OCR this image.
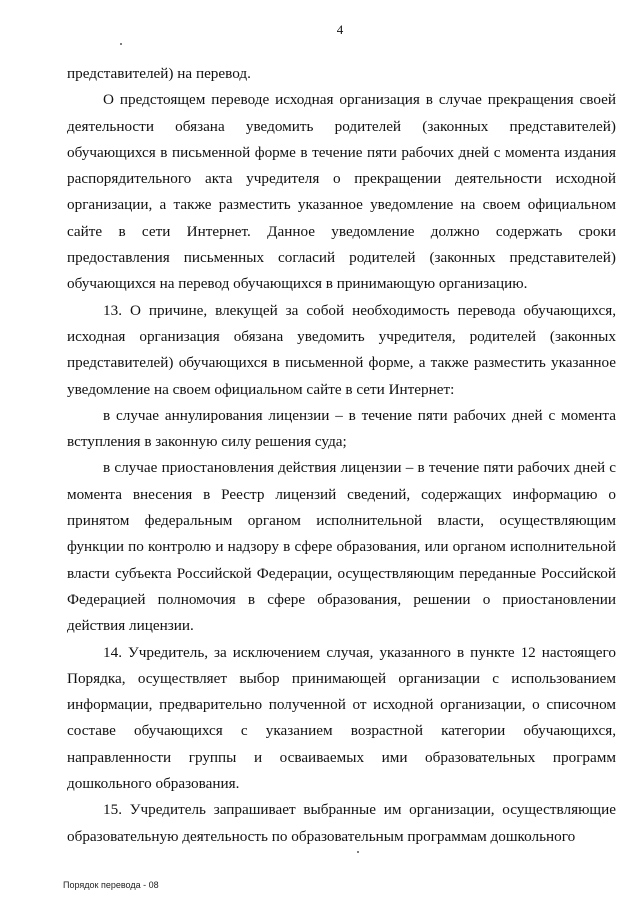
4

представителей) на перевод.

О предстоящем переводе исходная организация в случае прекращения своей деятельности обязана уведомить родителей (законных представителей) обучающихся в письменной форме в течение пяти рабочих дней с момента издания распорядительного акта учредителя о прекращении деятельности исходной организации, а также разместить указанное уведомление на своем официальном сайте в сети Интернет. Данное уведомление должно содержать сроки предоставления письменных согласий родителей (законных представителей) обучающихся на перевод обучающихся в принимающую организацию.

13. О причине, влекущей за собой необходимость перевода обучающихся, исходная организация обязана уведомить учредителя, родителей (законных представителей) обучающихся в письменной форме, а также разместить указанное уведомление на своем официальном сайте в сети Интернет:

в случае аннулирования лицензии – в течение пяти рабочих дней с момента вступления в законную силу решения суда;

в случае приостановления действия лицензии – в течение пяти рабочих дней с момента внесения в Реестр лицензий сведений, содержащих информацию о принятом федеральным органом исполнительной власти, осуществляющим функции по контролю и надзору в сфере образования, или органом исполнительной власти субъекта Российской Федерации, осуществляющим переданные Российской Федерацией полномочия в сфере образования, решении о приостановлении действия лицензии.

14. Учредитель, за исключением случая, указанного в пункте 12 настоящего Порядка, осуществляет выбор принимающей организации с использованием информации, предварительно полученной от исходной организации, о списочном составе обучающихся с указанием возрастной категории обучающихся, направленности группы и осваиваемых ими образовательных программ дошкольного образования.

15. Учредитель запрашивает выбранные им организации, осуществляющие образовательную деятельность по образовательным программам дошкольного

Порядок перевода - 08
